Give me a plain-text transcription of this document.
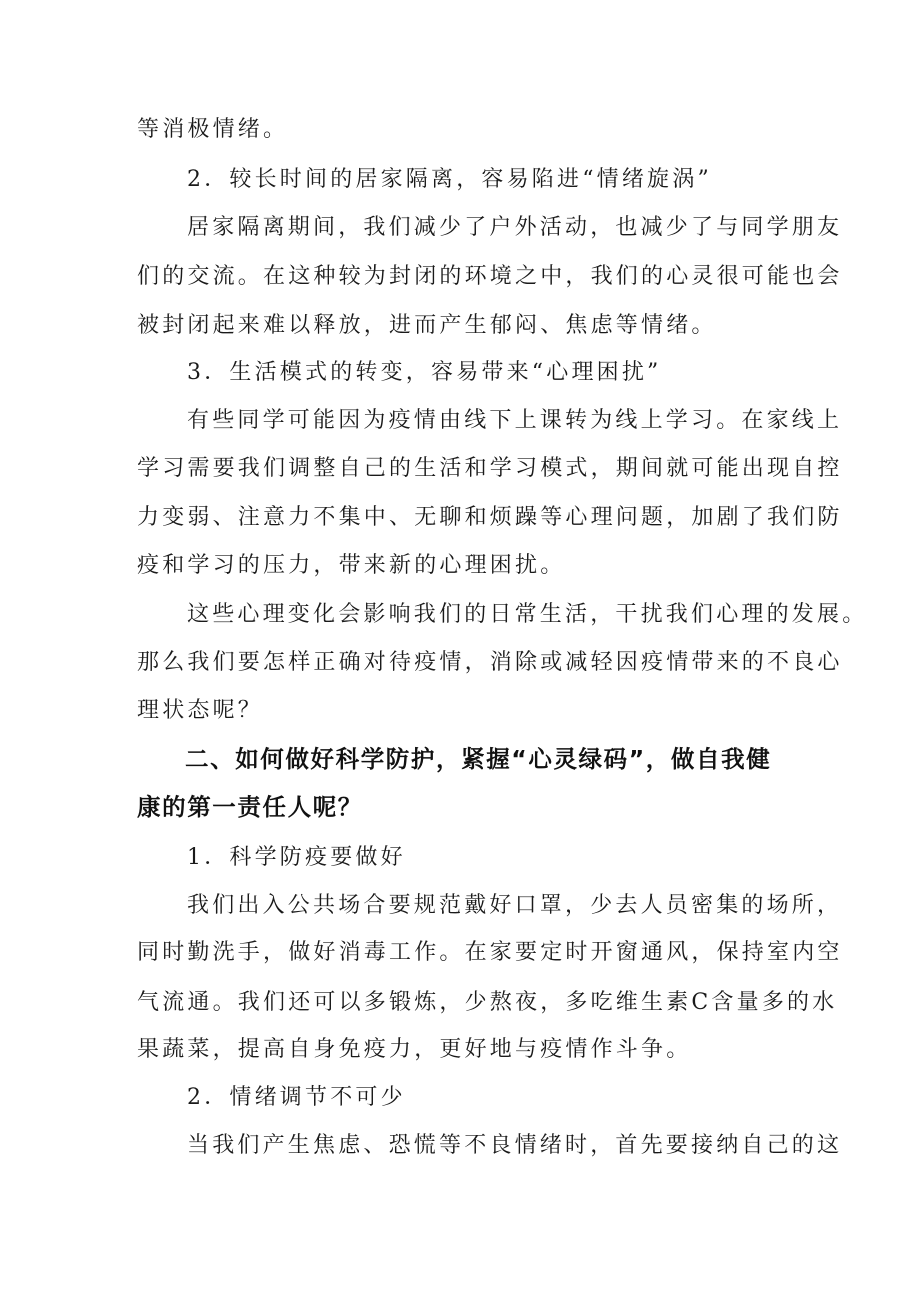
等消极情绪。
2．较长时间的居家隔离，容易陷进“情绪旋涡”
居家隔离期间，我们减少了户外活动，也减少了与同学朋友
们的交流。在这种较为封闭的环境之中，我们的心灵很可能也会
被封闭起来难以释放，进而产生郁闷、焦虑等情绪。
3．生活模式的转变，容易带来“心理困扰”
有些同学可能因为疫情由线下上课转为线上学习。在家线上
学习需要我们调整自己的生活和学习模式，期间就可能出现自控
力变弱、注意力不集中、无聊和烦躁等心理问题，加剧了我们防
疫和学习的压力，带来新的心理困扰。
这些心理变化会影响我们的日常生活，干扰我们心理的发展。
那么我们要怎样正确对待疫情，消除或减轻因疫情带来的不良心
理状态呢？
二、如何做好科学防护，紧握“心灵绿码”，做自我健
康的第一责任人呢？
1．科学防疫要做好
我们出入公共场合要规范戴好口罩，少去人员密集的场所，
同时勤洗手，做好消毒工作。在家要定时开窗通风，保持室内空
气流通。我们还可以多锻炼，少熬夜，多吃维生素C含量多的水
果蔬菜，提高自身免疫力，更好地与疫情作斗争。
2．情绪调节不可少
当我们产生焦虑、恐慌等不良情绪时，首先要接纳自己的这
